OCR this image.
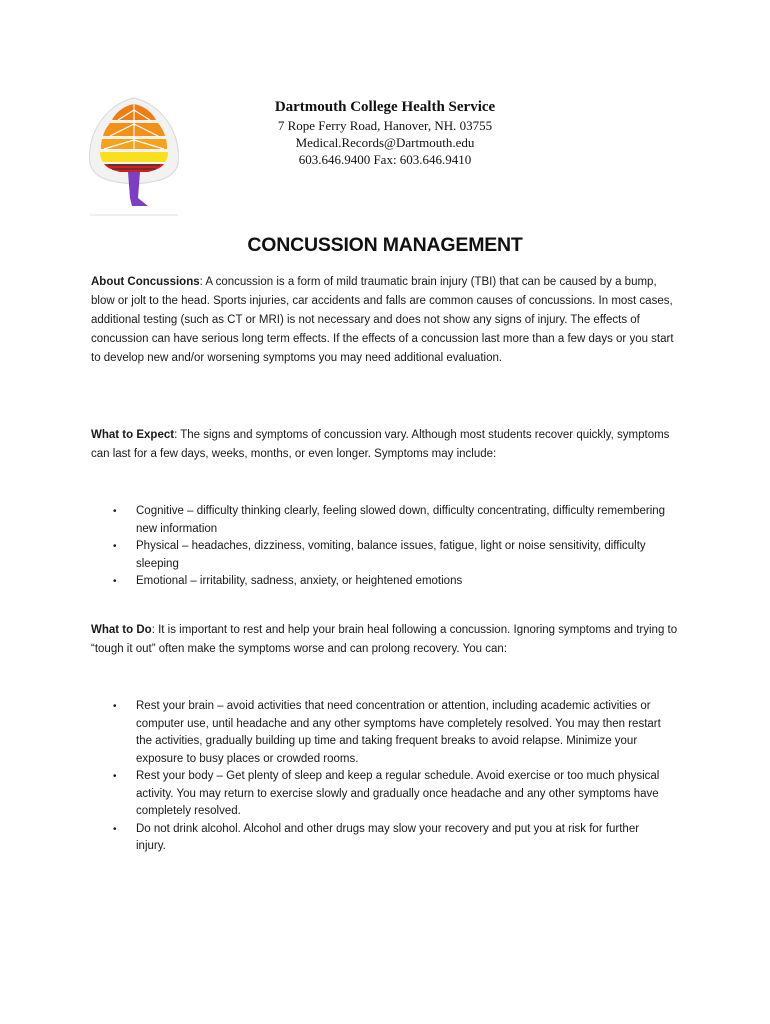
Dartmouth College Health Service
7 Rope Ferry Road, Hanover, NH. 03755
Medical.Records@Dartmouth.edu
603.646.9400 Fax: 603.646.9410
CONCUSSION MANAGEMENT

About Concussions: A concussion is a form of mild traumatic brain injury (TBI) that can be caused by a bump, blow or jolt to the head. Sports injuries, car accidents and falls are common causes of concussions. In most cases, additional testing (such as CT or MRI) is not necessary and does not show any signs of injury. The effects of concussion can have serious long term effects. If the effects of a concussion last more than a few days or you start to develop new and/or worsening symptoms you may need additional evaluation.

What to Expect: The signs and symptoms of concussion vary. Although most students recover quickly, symptoms can last for a few days, weeks, months, or even longer. Symptoms may include:

• Cognitive – difficulty thinking clearly, feeling slowed down, difficulty concentrating, difficulty remembering new information
• Physical – headaches, dizziness, vomiting, balance issues, fatigue, light or noise sensitivity, difficulty sleeping
• Emotional – irritability, sadness, anxiety, or heightened emotions

What to Do: It is important to rest and help your brain heal following a concussion. Ignoring symptoms and trying to “tough it out” often make the symptoms worse and can prolong recovery. You can:

• Rest your brain – avoid activities that need concentration or attention, including academic activities or computer use, until headache and any other symptoms have completely resolved. You may then restart the activities, gradually building up time and taking frequent breaks to avoid relapse. Minimize your exposure to busy places or crowded rooms.
• Rest your body – Get plenty of sleep and keep a regular schedule. Avoid exercise or too much physical activity. You may return to exercise slowly and gradually once headache and any other symptoms have completely resolved.
• Do not drink alcohol. Alcohol and other drugs may slow your recovery and put you at risk for further injury.
